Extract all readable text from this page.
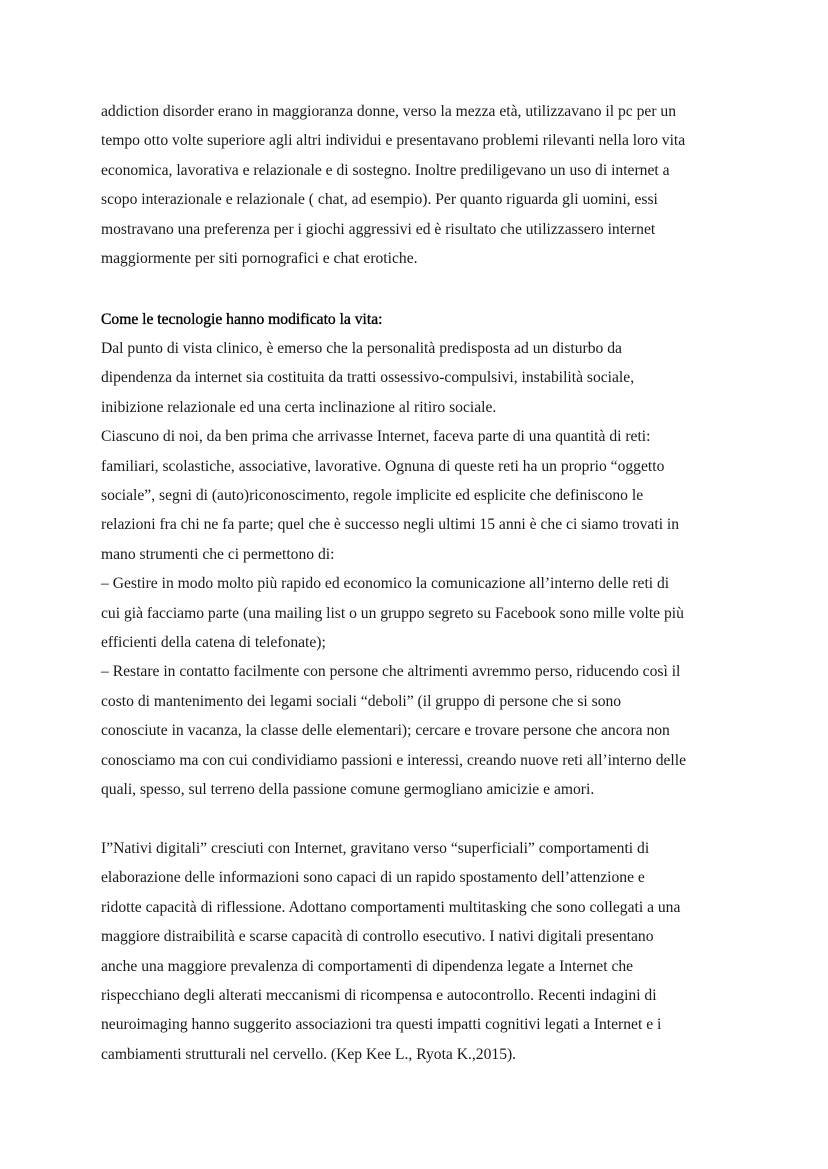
addiction disorder erano in maggioranza donne, verso la mezza età, utilizzavano il pc per un
tempo otto volte superiore agli altri individui e presentavano problemi rilevanti nella loro vita
economica, lavorativa e relazionale e di sostegno. Inoltre prediligevano un uso di internet a
scopo interazionale e relazionale ( chat, ad esempio). Per quanto riguarda gli uomini, essi
mostravano una preferenza per i giochi aggressivi ed è risultato che utilizzassero internet
maggiormente per siti pornografici e chat erotiche.

Come le tecnologie hanno modificato la vita:

Dal punto di vista clinico, è emerso che la personalità predisposta ad un disturbo da
dipendenza da internet sia costituita da tratti ossessivo-compulsivi, instabilità sociale,
inibizione relazionale ed una certa inclinazione al ritiro sociale.
Ciascuno di noi, da ben prima che arrivasse Internet, faceva parte di una quantità di reti:
familiari, scolastiche, associative, lavorative. Ognuna di queste reti ha un proprio “oggetto
sociale”, segni di (auto)riconoscimento, regole implicite ed esplicite che definiscono le
relazioni fra chi ne fa parte; quel che è successo negli ultimi 15 anni è che ci siamo trovati in
mano strumenti che ci permettono di:
– Gestire in modo molto più rapido ed economico la comunicazione all’interno delle reti di
cui già facciamo parte (una mailing list o un gruppo segreto su Facebook sono mille volte più
efficienti della catena di telefonate);
– Restare in contatto facilmente con persone che altrimenti avremmo perso, riducendo così il
costo di mantenimento dei legami sociali “deboli” (il gruppo di persone che si sono
conosciute in vacanza, la classe delle elementari); cercare e trovare persone che ancora non
conosciamo ma con cui condividiamo passioni e interessi, creando nuove reti all’interno delle
quali, spesso, sul terreno della passione comune germogliano amicizie e amori.

I”Nativi digitali” cresciuti con Internet, gravitano verso “superficiali” comportamenti di
elaborazione delle informazioni sono capaci di un rapido spostamento dell’attenzione e
ridotte capacità di riflessione. Adottano comportamenti multitasking che sono collegati a una
maggiore distraibilità e scarse capacità di controllo esecutivo. I nativi digitali presentano
anche una maggiore prevalenza di comportamenti di dipendenza legate a Internet che
rispecchiano degli alterati meccanismi di ricompensa e autocontrollo. Recenti indagini di
neuroimaging hanno suggerito associazioni tra questi impatti cognitivi legati a Internet e i
cambiamenti strutturali nel cervello. (Kep Kee L., Ryota K.,2015).
